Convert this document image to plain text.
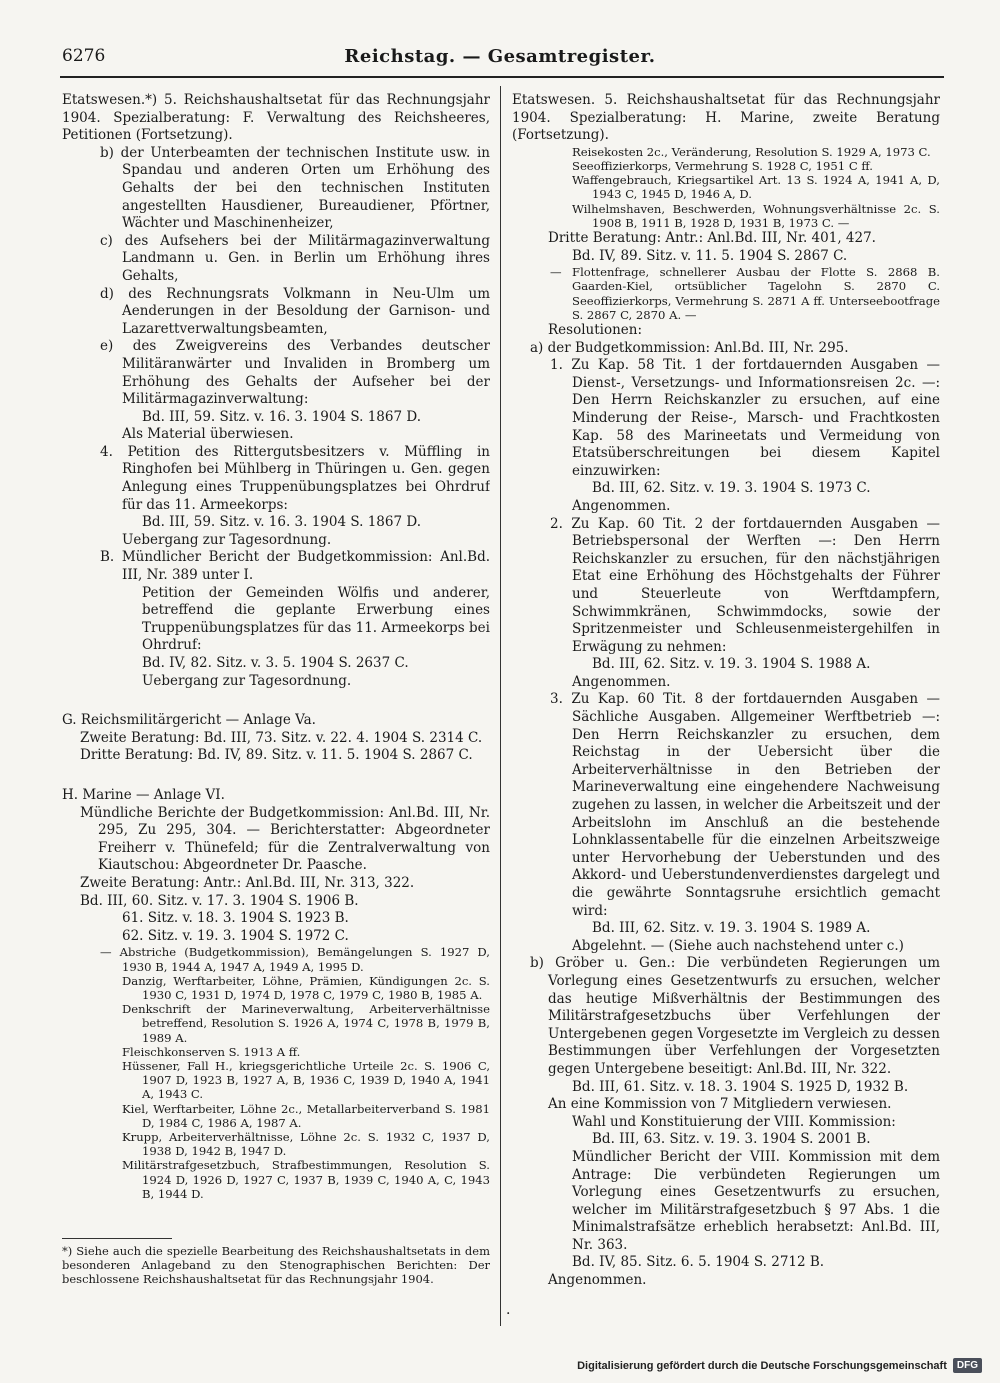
6276	Reichstag. — Gesamtregister.

Etatswesen.*) 5. Reichshaushaltsetat für das Rechnungsjahr 1904. Spezialberatung: F. Verwaltung des Reichsheeres, Petitionen (Fortsetzung).

b) der Unterbeamten der technischen Institute usw. in Spandau und anderen Orten um Erhöhung des Gehalts der bei den technischen Instituten angestellten Hausdiener, Bureaudiener, Pförtner, Wächter und Maschinenheizer,

c) des Aufsehers bei der Militärmagazinverwaltung Landmann u. Gen. in Berlin um Erhöhung ihres Gehalts,

d) des Rechnungsrats Volkmann in Neu-Ulm um Aenderungen in der Besoldung der Garnison- und Lazarettverwaltungsbeamten,

e) des Zweigvereins des Verbandes deutscher Militäranwärter und Invaliden in Bromberg um Erhöhung des Gehalts der Aufseher bei der Militärmagazinverwaltung:

Bd. III, 59. Sitz. v. 16. 3. 1904 S. 1867 D.

Als Material überwiesen.

4. Petition des Rittergutsbesitzers v. Müffling in Ringhofen bei Mühlberg in Thüringen u. Gen. gegen Anlegung eines Truppenübungsplatzes bei Ohrdruf für das 11. Armeekorps:

Bd. III, 59. Sitz. v. 16. 3. 1904 S. 1867 D.

Uebergang zur Tagesordnung.

B. Mündlicher Bericht der Budgetkommission: Anl.Bd. III, Nr. 389 unter I.

Petition der Gemeinden Wölfis und anderer, betreffend die geplante Erwerbung eines Truppenübungsplatzes für das 11. Armeekorps bei Ohrdruf:

Bd. IV, 82. Sitz. v. 3. 5. 1904 S. 2637 C.

Uebergang zur Tagesordnung.

G. Reichsmilitärgericht — Anlage Va.

Zweite Beratung: Bd. III, 73. Sitz. v. 22. 4. 1904 S. 2314 C.

Dritte Beratung: Bd. IV, 89. Sitz. v. 11. 5. 1904 S. 2867 C.

H. Marine — Anlage VI.

Mündliche Berichte der Budgetkommission: Anl.Bd. III, Nr. 295, Zu 295, 304. — Berichterstatter: Abgeordneter Freiherr v. Thünefeld; für die Zentralverwaltung von Kiautschou: Abgeordneter Dr. Paasche.

Zweite Beratung: Antr.: Anl.Bd. III, Nr. 313, 322.

Bd. III, 60. Sitz. v. 17. 3. 1904 S. 1906 B.

61. Sitz. v. 18. 3. 1904 S. 1923 B.

62. Sitz. v. 19. 3. 1904 S. 1972 C.

— Abstriche (Budgetkommission), Bemängelungen S. 1927 D, 1930 B, 1944 A, 1947 A, 1949 A, 1995 D.

Danzig, Werftarbeiter, Löhne, Prämien, Kündigungen 2c. S. 1930 C, 1931 D, 1974 D, 1978 C, 1979 C, 1980 B, 1985 A.

Denkschrift der Marineverwaltung, Arbeiterverhältnisse betreffend, Resolution S. 1926 A, 1974 C, 1978 B, 1979 B, 1989 A.

Fleischkonserven S. 1913 A ff.

Hüssener, Fall H., kriegsgerichtliche Urteile 2c. S. 1906 C, 1907 D, 1923 B, 1927 A, B, 1936 C, 1939 D, 1940 A, 1941 A, 1943 C.

Kiel, Werftarbeiter, Löhne 2c., Metallarbeiterverband S. 1981 D, 1984 C, 1986 A, 1987 A.

Krupp, Arbeiterverhältnisse, Löhne 2c. S. 1932 C, 1937 D, 1938 D, 1942 B, 1947 D.

Militärstrafgesetzbuch, Strafbestimmungen, Resolution S. 1924 D, 1926 D, 1927 C, 1937 B, 1939 C, 1940 A, C, 1943 B, 1944 D.

Etatswesen. 5. Reichshaushaltsetat für das Rechnungsjahr 1904. Spezialberatung: H. Marine, zweite Beratung (Fortsetzung).

Reisekosten 2c., Veränderung, Resolution S. 1929 A, 1973 C.

Seeoffizierkorps, Vermehrung S. 1928 C, 1951 C ff.

Waffengebrauch, Kriegsartikel Art. 13 S. 1924 A, 1941 A, D, 1943 C, 1945 D, 1946 A, D.

Wilhelmshaven, Beschwerden, Wohnungsverhältnisse 2c. S. 1908 B, 1911 B, 1928 D, 1931 B, 1973 C. —

Dritte Beratung: Antr.: Anl.Bd. III, Nr. 401, 427.

Bd. IV, 89. Sitz. v. 11. 5. 1904 S. 2867 C.

— Flottenfrage, schnellerer Ausbau der Flotte S. 2868 B. Gaarden-Kiel, ortsüblicher Tagelohn S. 2870 C. Seeoffizierkorps, Vermehrung S. 2871 A ff. Unterseebootfrage S. 2867 C, 2870 A. —

Resolutionen:

a) der Budgetkommission: Anl.Bd. III, Nr. 295.

1. Zu Kap. 58 Tit. 1 der fortdauernden Ausgaben — Dienst-, Versetzungs- und Informationsreisen 2c. —: Den Herrn Reichskanzler zu ersuchen, auf eine Minderung der Reise-, Marsch- und Frachtkosten Kap. 58 des Marineetats und Vermeidung von Etatsüberschreitungen bei diesem Kapitel einzuwirken:

Bd. III, 62. Sitz. v. 19. 3. 1904 S. 1973 C.

Angenommen.

2. Zu Kap. 60 Tit. 2 der fortdauernden Ausgaben — Betriebspersonal der Werften —: Den Herrn Reichskanzler zu ersuchen, für den nächstjährigen Etat eine Erhöhung des Höchstgehalts der Führer und Steuerleute von Werftdampfern, Schwimmkränen, Schwimmdocks, sowie der Spritzenmeister und Schleusenmeistergehilfen in Erwägung zu nehmen:

Bd. III, 62. Sitz. v. 19. 3. 1904 S. 1988 A.

Angenommen.

3. Zu Kap. 60 Tit. 8 der fortdauernden Ausgaben — Sächliche Ausgaben. Allgemeiner Werftbetrieb —: Den Herrn Reichskanzler zu ersuchen, dem Reichstag in der Uebersicht über die Arbeiterverhältnisse in den Betrieben der Marineverwaltung eine eingehendere Nachweisung zugehen zu lassen, in welcher die Arbeitszeit und der Arbeitslohn im Anschluß an die bestehende Lohnklassentabelle für die einzelnen Arbeitszweige unter Hervorhebung der Ueberstunden und des Akkord- und Ueberstundenverdienstes dargelegt und die gewährte Sonntagsruhe ersichtlich gemacht wird:

Bd. III, 62. Sitz. v. 19. 3. 1904 S. 1989 A.

Abgelehnt. — (Siehe auch nachstehend unter c.)

b) Gröber u. Gen.: Die verbündeten Regierungen um Vorlegung eines Gesetzentwurfs zu ersuchen, welcher das heutige Mißverhältnis der Bestimmungen des Militärstrafgesetzbuchs über Verfehlungen der Untergebenen gegen Vorgesetzte im Vergleich zu dessen Bestimmungen über Verfehlungen der Vorgesetzten gegen Untergebene beseitigt: Anl.Bd. III, Nr. 322.

Bd. III, 61. Sitz. v. 18. 3. 1904 S. 1925 D, 1932 B.

An eine Kommission von 7 Mitgliedern verwiesen.

Wahl und Konstituierung der VIII. Kommission:

Bd. III, 63. Sitz. v. 19. 3. 1904 S. 2001 B.

Mündlicher Bericht der VIII. Kommission mit dem Antrage: Die verbündeten Regierungen um Vorlegung eines Gesetzentwurfs zu ersuchen, welcher im Militärstrafgesetzbuch § 97 Abs. 1 die Minimalstrafsätze erheblich herabsetzt: Anl.Bd. III, Nr. 363.

Bd. IV, 85. Sitz. 6. 5. 1904 S. 2712 B.

Angenommen.

*) Siehe auch die spezielle Bearbeitung des Reichshaushaltsetats in dem besonderen Anlageband zu den Stenographischen Berichten: Der beschlossene Reichshaushaltsetat für das Rechnungsjahr 1904.

·
Digitalisierung gefördert durch die Deutsche Forschungsgemeinschaft	DFG
